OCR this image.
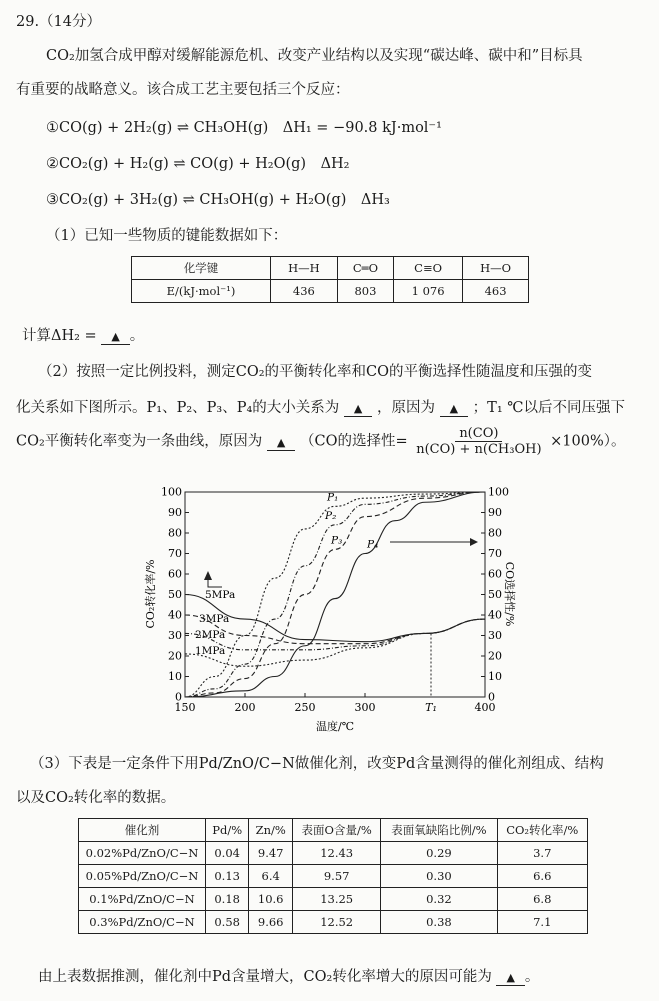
29.（14分）
CO₂加氢合成甲醇对缓解能源危机、改变产业结构以及实现“碳达峰、碳中和”目标具
有重要的战略意义。该合成工艺主要包括三个反应：
①CO(g) + 2H₂(g) ⇌ CH₃OH(g)　ΔH₁ = −90.8 kJ·mol⁻¹
②CO₂(g) + H₂(g) ⇌ CO(g) + H₂O(g)　ΔH₂
③CO₂(g) + 3H₂(g) ⇌ CH₃OH(g) + H₂O(g)　ΔH₃
（1）已知一些物质的键能数据如下：
化学键	H—H	C═O	C≡O	H—O
E/(kJ·mol⁻¹)	436	803	1 076	463
计算ΔH₂ = ▲ 。
（2）按照一定比例投料，测定CO₂的平衡转化率和CO的平衡选择性随温度和压强的变
化关系如下图所示。P₁、P₂、P₃、P₄的大小关系为 ▲ ，原因为 ▲ ；T₁ ℃以后不同压强下
CO₂平衡转化率变为一条曲线，原因为 ▲ （CO的选择性= $\frac{n(CO)}{\text{n(CO) + n(CH₃OH)}} \times 100\%$）。
5MPa
3MPa
2MPa
1MPa
P₁
P₂
P₃ P₄
0	0
10	10
20	20
30	30
40	40
50	50
60	60
70	70
80	80
90	90
100	100
150	200	250	300	400
T₁
温度/℃
CO₂转化率/%	CO选择性/%
（3）下表是一定条件下用Pd/ZnO/C−N做催化剂，改变Pd含量测得的催化剂组成、结构
以及CO₂转化率的数据。
催化剂	Pd/%	Zn/%	表面O含量/%	表面氧缺陷比例/%	CO₂转化率/%
0.02%Pd/ZnO/C−N	0.04	9.47	12.43	0.29	3.7
0.05%Pd/ZnO/C−N	0.13	6.4	9.57	0.30	6.6
0.1%Pd/ZnO/C−N	0.18	10.6	13.25	0.32	6.8
0.3%Pd/ZnO/C−N	0.58	9.66	12.52	0.38	7.1
由上表数据推测，催化剂中Pd含量增大，CO₂转化率增大的原因可能为 ▲ 。
